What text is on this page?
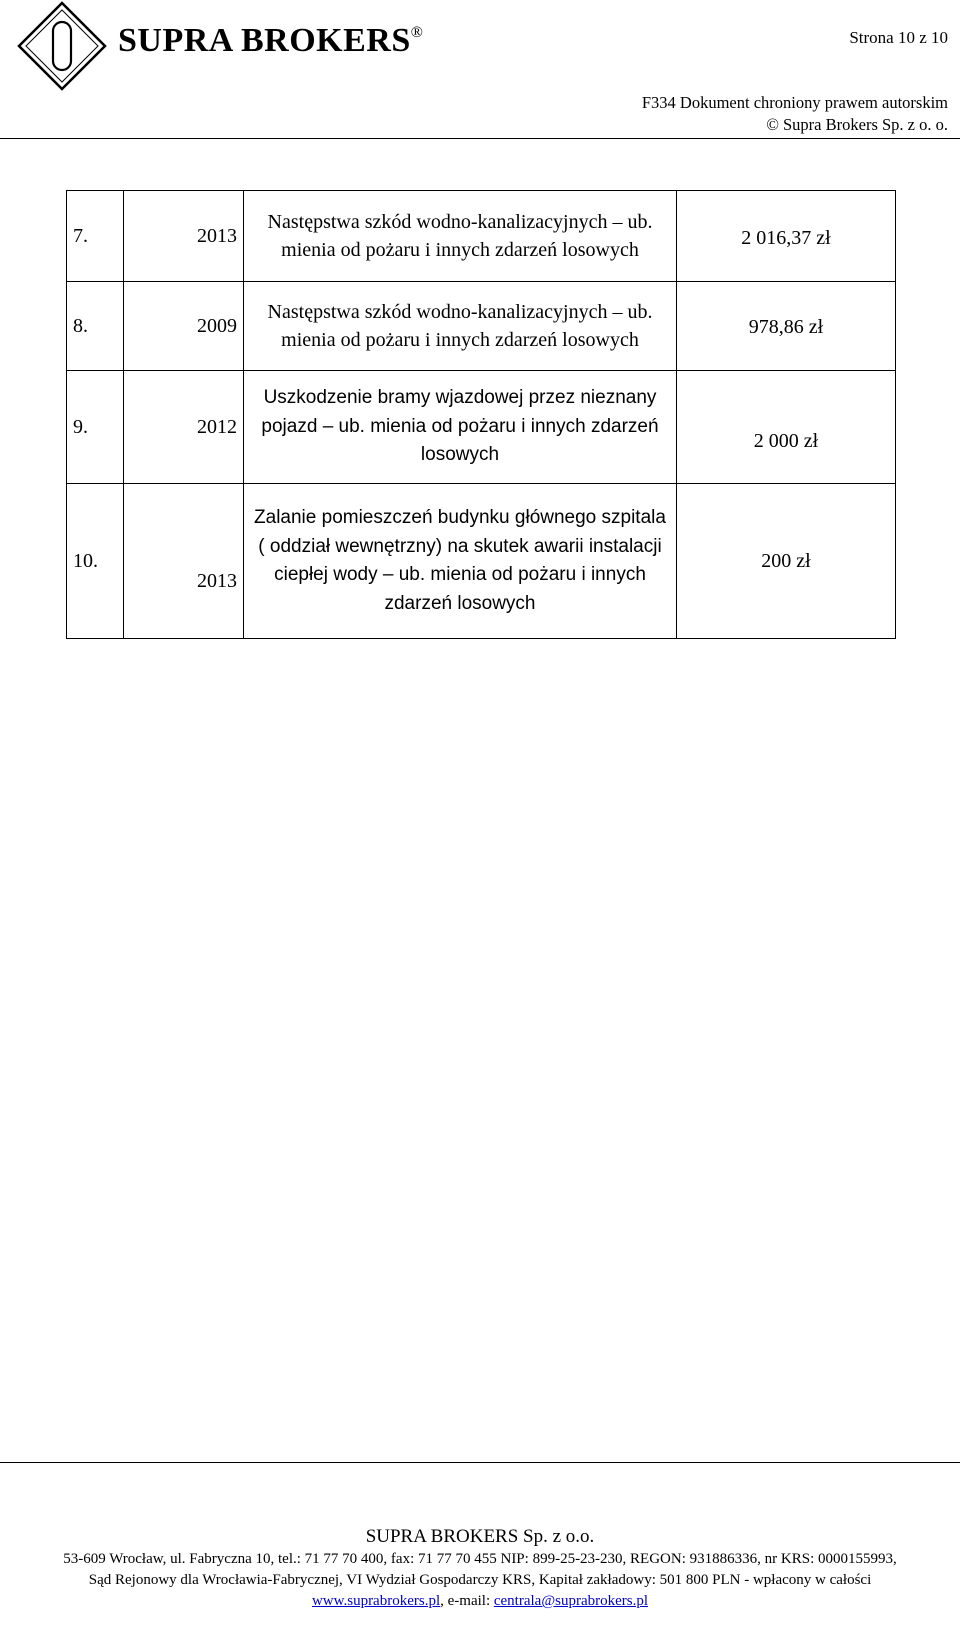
SUPRA BROKERS®	Strona 10 z 10
F334 Dokument chroniony prawem autorskim
© Supra Brokers Sp. z o. o.
7.	2013	Następstwa szkód wodno-kanalizacyjnych – ub. mienia od pożaru i innych zdarzeń losowych	2 016,37 zł
8.	2009	Następstwa szkód wodno-kanalizacyjnych – ub. mienia od pożaru i innych zdarzeń losowych	978,86 zł
9.	2012	Uszkodzenie bramy wjazdowej przez nieznany pojazd – ub. mienia od pożaru i innych zdarzeń losowych	2 000 zł
10.	2013	Zalanie pomieszczeń budynku głównego szpitala ( oddział wewnętrzny) na skutek awarii instalacji ciepłej wody – ub. mienia od pożaru i innych zdarzeń losowych	200 zł
SUPRA BROKERS Sp. z o.o.
53-609 Wrocław, ul. Fabryczna 10, tel.: 71 77 70 400, fax: 71 77 70 455 NIP: 899-25-23-230, REGON: 931886336, nr KRS: 0000155993,
Sąd Rejonowy dla Wrocławia-Fabrycznej, VI Wydział Gospodarczy KRS, Kapitał zakładowy: 501 800 PLN - wpłacony w całości
www.suprabrokers.pl, e-mail: centrala@suprabrokers.pl
